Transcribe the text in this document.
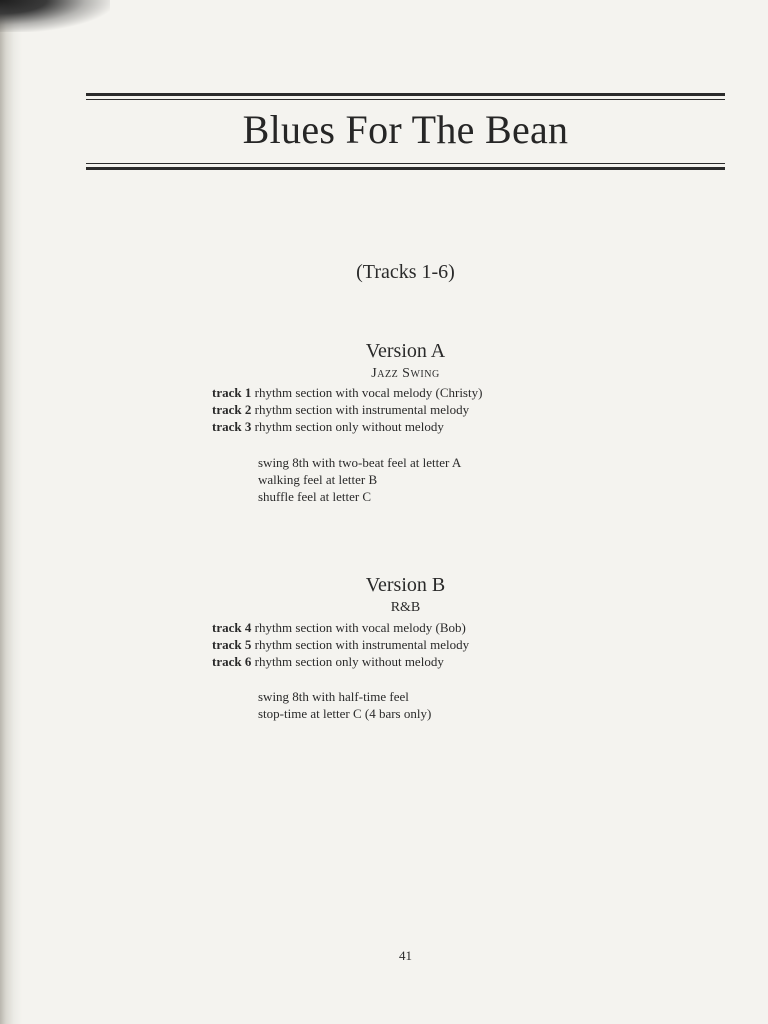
Blues For The Bean
(Tracks 1-6)
Version A
Jazz Swing
track 1 rhythm section with vocal melody (Christy)
track 2 rhythm section with instrumental melody
track 3 rhythm section only without melody
swing 8th with two-beat feel at letter A
walking feel at letter B
shuffle feel at letter C
Version B
R&B
track 4 rhythm section with vocal melody (Bob)
track 5 rhythm section with instrumental melody
track 6 rhythm section only without melody
swing 8th with half-time feel
stop-time at letter C (4 bars only)
41
